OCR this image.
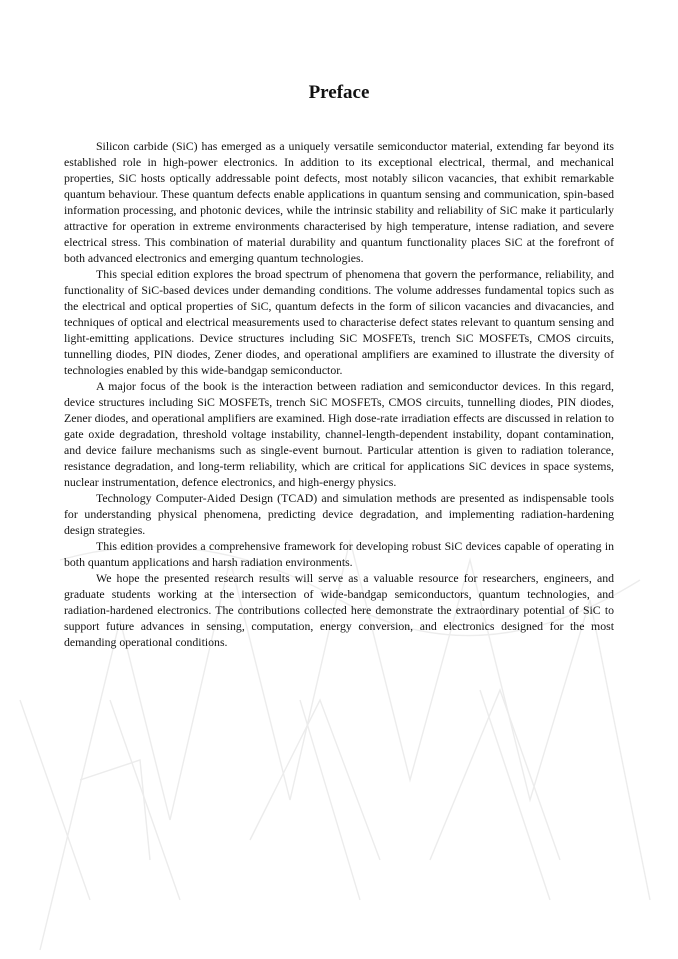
Preface

Silicon carbide (SiC) has emerged as a uniquely versatile semiconductor material, extending far beyond its established role in high-power electronics. In addition to its exceptional electrical, thermal, and mechanical properties, SiC hosts optically addressable point defects, most notably silicon vacancies, that exhibit remarkable quantum behaviour. These quantum defects enable applications in quantum sensing and communication, spin-based information processing, and photonic devices, while the intrinsic stability and reliability of SiC make it particularly attractive for operation in extreme environments characterised by high temperature, intense radiation, and severe electrical stress. This combination of material durability and quantum functionality places SiC at the forefront of both advanced electronics and emerging quantum technologies.

This special edition explores the broad spectrum of phenomena that govern the performance, reliability, and functionality of SiC-based devices under demanding conditions. The volume addresses fundamental topics such as the electrical and optical properties of SiC, quantum defects in the form of silicon vacancies and divacancies, and techniques of optical and electrical measurements used to characterise defect states relevant to quantum sensing and light-emitting applications. Device structures including SiC MOSFETs, trench SiC MOSFETs, CMOS circuits, tunnelling diodes, PIN diodes, Zener diodes, and operational amplifiers are examined to illustrate the diversity of technologies enabled by this wide-bandgap semiconductor.

A major focus of the book is the interaction between radiation and semiconductor devices. In this regard, device structures including SiC MOSFETs, trench SiC MOSFETs, CMOS circuits, tunnelling diodes, PIN diodes, Zener diodes, and operational amplifiers are examined. High dose-rate irradiation effects are discussed in relation to gate oxide degradation, threshold voltage instability, channel-length-dependent instability, dopant contamination, and device failure mechanisms such as single-event burnout. Particular attention is given to radiation tolerance, resistance degradation, and long-term reliability, which are critical for applications SiC devices in space systems, nuclear instrumentation, defence electronics, and high-energy physics.

Technology Computer-Aided Design (TCAD) and simulation methods are presented as indispensable tools for understanding physical phenomena, predicting device degradation, and implementing radiation-hardening design strategies.

This edition provides a comprehensive framework for developing robust SiC devices capable of operating in both quantum applications and harsh radiation environments.

We hope the presented research results will serve as a valuable resource for researchers, engineers, and graduate students working at the intersection of wide-bandgap semiconductors, quantum technologies, and radiation-hardened electronics. The contributions collected here demonstrate the extraordinary potential of SiC to support future advances in sensing, computation, energy conversion, and electronics designed for the most demanding operational conditions.
